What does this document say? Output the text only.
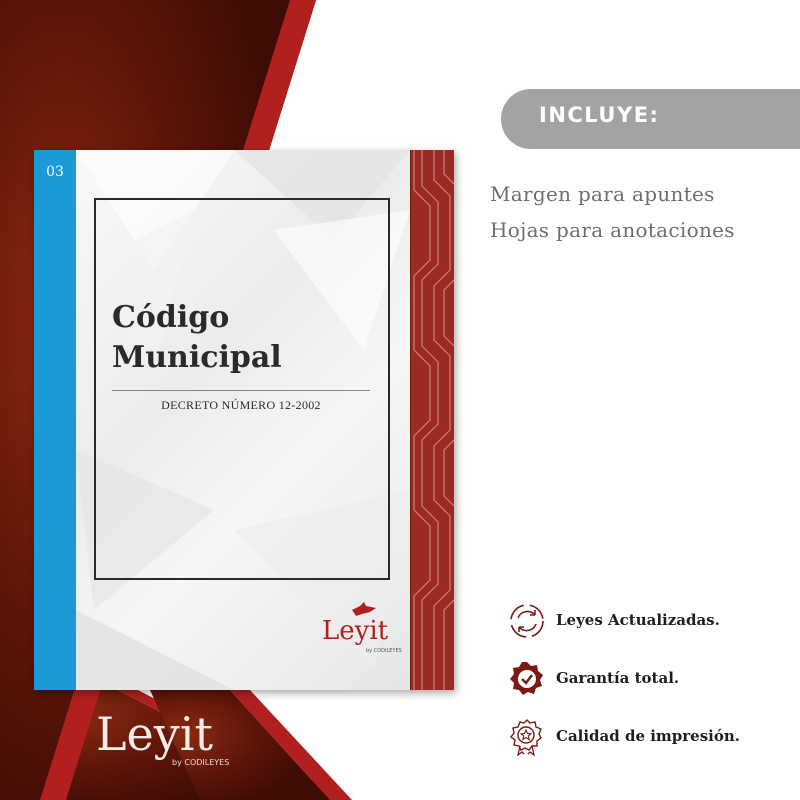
03
Código
Municipal
DECRETO NÚMERO 12-2002
Leyit
by CODILEYES
Leyit
by CODILEYES
INCLUYE:
Margen para apuntes
Hojas para anotaciones
Leyes Actualizadas.
Garantía total.
Calidad de impresión.
